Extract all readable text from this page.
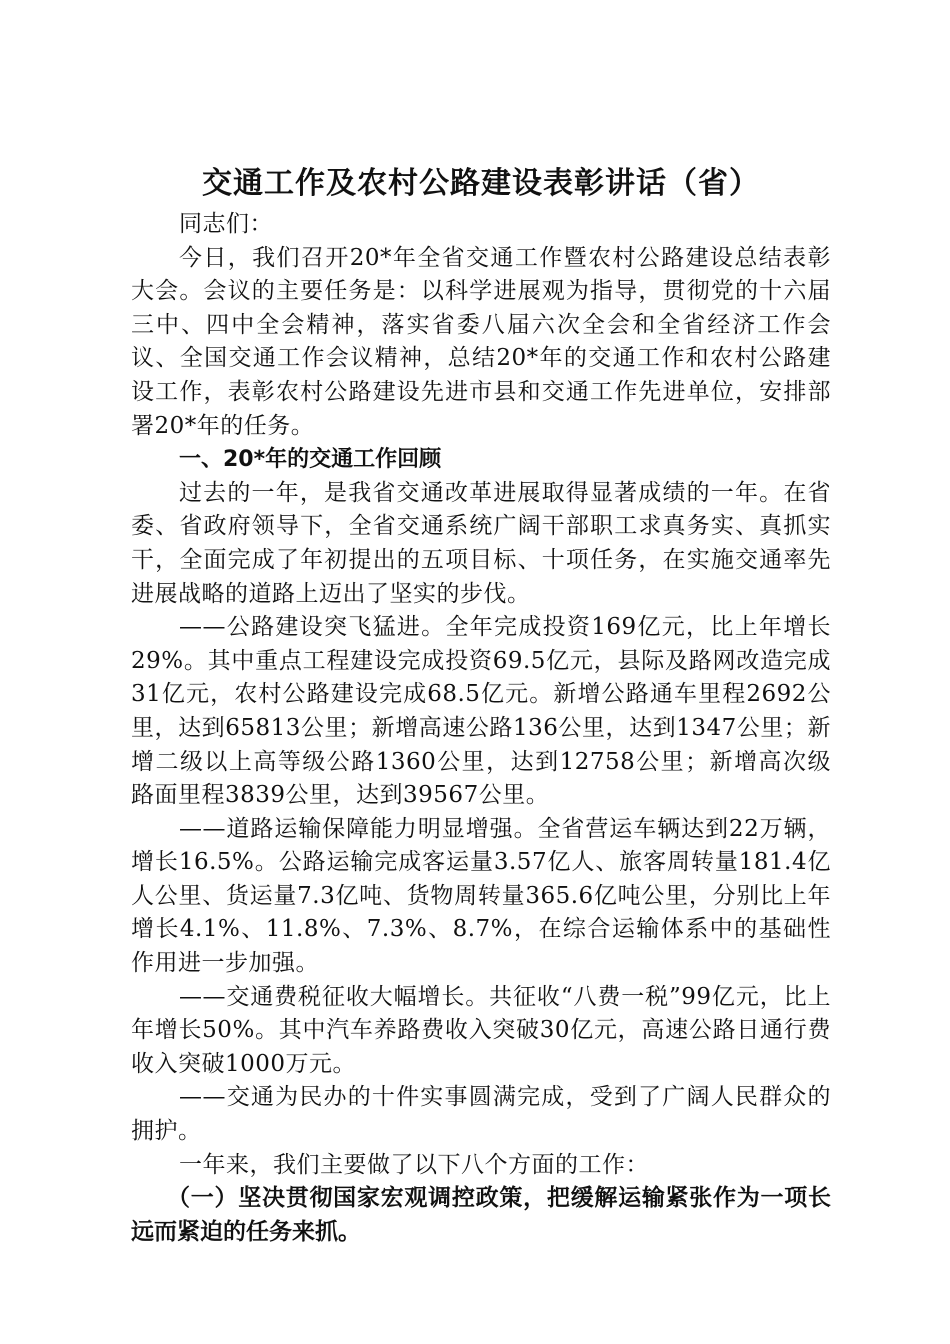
交通工作及农村公路建设表彰讲话（省）

同志们：

今日，我们召开20*年全省交通工作暨农村公路建设总结表彰大会。会议的主要任务是：以科学进展观为指导，贯彻党的十六届三中、四中全会精神，落实省委八届六次全会和全省经济工作会议、全国交通工作会议精神，总结20*年的交通工作和农村公路建设工作，表彰农村公路建设先进市县和交通工作先进单位，安排部署20*年的任务。

一、20*年的交通工作回顾

过去的一年，是我省交通改革进展取得显著成绩的一年。在省委、省政府领导下，全省交通系统广阔干部职工求真务实、真抓实干，全面完成了年初提出的五项目标、十项任务，在实施交通率先进展战略的道路上迈出了坚实的步伐。

——公路建设突飞猛进。全年完成投资169亿元，比上年增长29%。其中重点工程建设完成投资69.5亿元，县际及路网改造完成31亿元，农村公路建设完成68.5亿元。新增公路通车里程2692公里，达到65813公里；新增高速公路136公里，达到1347公里；新增二级以上高等级公路1360公里，达到12758公里；新增高次级路面里程3839公里，达到39567公里。

——道路运输保障能力明显增强。全省营运车辆达到22万辆，增长16.5%。公路运输完成客运量3.57亿人、旅客周转量181.4亿人公里、货运量7.3亿吨、货物周转量365.6亿吨公里，分别比上年增长4.1%、11.8%、7.3%、8.7%，在综合运输体系中的基础性作用进一步加强。

——交通费税征收大幅增长。共征收“八费一税”99亿元，比上年增长50%。其中汽车养路费收入突破30亿元，高速公路日通行费收入突破1000万元。

——交通为民办的十件实事圆满完成，受到了广阔人民群众的拥护。

一年来，我们主要做了以下八个方面的工作：

（一）坚决贯彻国家宏观调控政策，把缓解运输紧张作为一项长远而紧迫的任务来抓。
